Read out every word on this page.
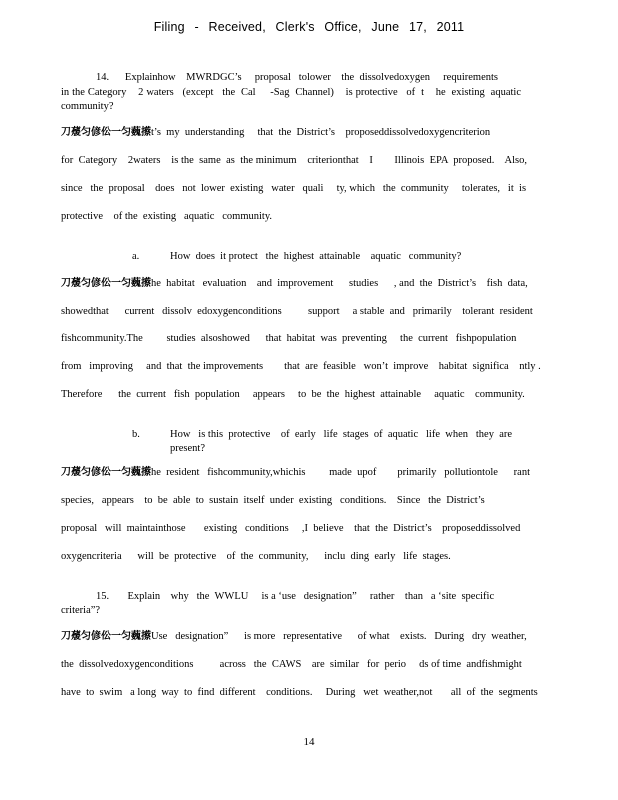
Filing - Received, Clerk's Office, June 17, 2011
14.      Explainhow    MWRDGC’s     proposal   tolower    the  dissolvedoxygen     requirements
in the Category    2 waters   (except   the  Cal     -Sag  Channel)    is protective   of  t    he  existing  aquatic
community?
刀蕿匀偐伀一匀蘶攃t’s  my  understanding     that  the  District’s    proposeddissolvedoxygencriterion
for  Category    2waters    is the  same  as  the minimum    criterionthat    I        Illinois  EPA  proposed.    Also,
since   the  proposal    does   not  lower  existing   water   quali     ty, which   the  community     tolerates,   it  is
protective    of the  existing   aquatic   community.
a.	How  does  it protect   the  highest  attainable    aquatic   community?
刀蕿匀偐伀一匀蘶攃he  habitat   evaluation    and  improvement      studies      , and  the  District’s    fish  data,
showedthat      current   dissolv  edoxygenconditions          support     a stable  and   primarily    tolerant  resident
fishcommunity.The         studies  alsoshowed      that  habitat  was  preventing     the  current   fishpopulation
from   improving     and  that  the improvements        that  are  feasible   won’t  improve    habitat  significa    ntly .
Therefore      the  current   fish  population     appears     to  be  the  highest  attainable     aquatic    community.
b.	How   is this  protective    of  early   life  stages  of  aquatic   life  when   they  are
present?
刀蕿匀偐伀一匀蘶攃he  resident   fishcommunity,whichis         made  upof        primarily   pollutiontole      rant
species,   appears    to  be  able  to  sustain  itself  under  existing   conditions.    Since   the  District’s
proposal   will  maintainthose       existing   conditions     ,I  believe    that  the  District’s    proposeddissolved
oxygencriteria      will  be  protective    of  the  community,      inclu  ding  early   life  stages.
15.       Explain    why   the  WWLU     is a ‘use   designation”     rather    than   a ‘site  specific
criteria”?
刀蕿匀偐伀一匀蘶攃Use   designation”      is more   representative      of what    exists.   During   dry  weather,
the  dissolvedoxygenconditions          across   the  CAWS    are  similar   for  perio     ds of time  andfishmight
have  to  swim   a long  way  to  find  different    conditions.     During   wet  weather,not       all  of  the  segments
14
